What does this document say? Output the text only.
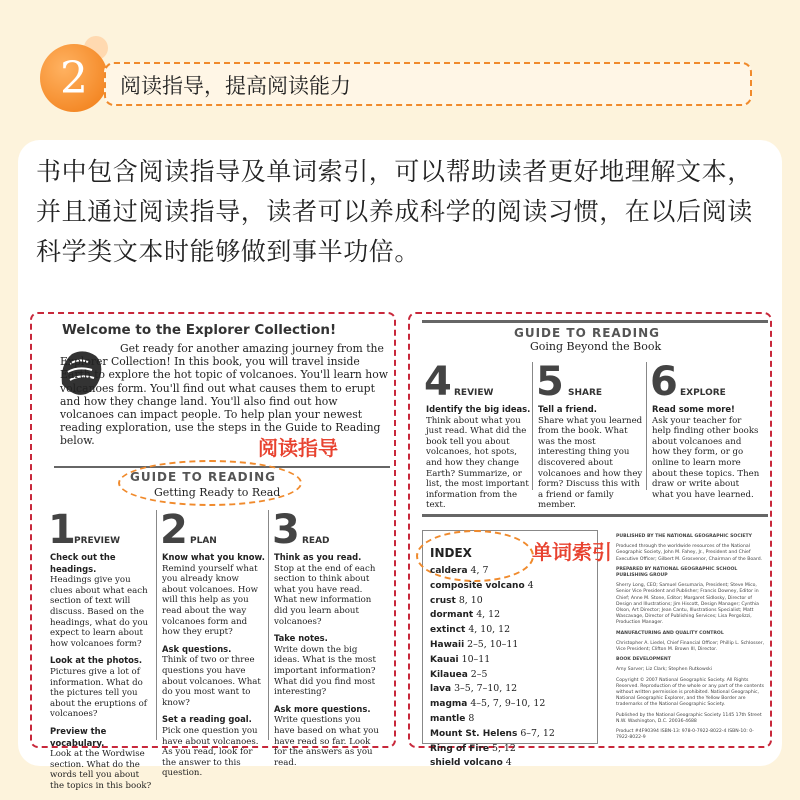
2	阅读指导，提高阅读能力
书中包含阅读指导及单词索引，可以帮助读者更好地理解文本，并且通过阅读指导，读者可以养成科学的阅读习惯，在以后阅读科学类文本时能够做到事半功倍。
Welcome to the Explorer Collection!
Get ready for another amazing journey from the Explorer Collection! In this book, you will travel inside Earth to explore the hot topic of volcanoes. You'll learn how volcanoes form. You'll find out what causes them to erupt and how they change land. You'll also find out how volcanoes can impact people. To help plan your newest reading exploration, use the steps in the Guide to Reading below.
GUIDE TO READING
Getting Ready to Read
阅读指导
1
PREVIEW

Check out the headings.
Headings give you clues about what each section of text will discuss. Based on the headings, what do you expect to learn about how volcanoes form?

Look at the photos.
Pictures give a lot of information. What do the pictures tell you about the eruptions of volcanoes?

Preview the vocabulary.
Look at the Wordwise section. What do the words tell you about the topics in this book?

2 PLAN

Know what you know.
Remind yourself what you already know about volcanoes. How will this help as you read about the way volcanoes form and how they erupt?

Ask questions.
Think of two or three questions you have about volcanoes. What do you most want to know?

Set a reading goal.
Pick one question you have about volcanoes. As you read, look for the answer to this question.

3 READ

Think as you read.
Stop at the end of each section to think about what you have read. What new information did you learn about volcanoes?

Take notes.
Write down the big ideas. What is the most important information? What did you find most interesting?

Ask more questions.
Write questions you have based on what you have read so far. Look for the answers as you read.

GUIDE TO READING
Going Beyond the Book
4 REVIEW

Identify the big ideas.
Think about what you just read. What did the book tell you about volcanoes, hot spots, and how they change Earth? Summarize, or list, the most important information from the text.

5 SHARE

Tell a friend.
Share what you learned from the book. What was the most interesting thing you discovered about volcanoes and how they form? Discuss this with a friend or family member.

6 EXPLORE

Read some more!
Ask your teacher for help finding other books about volcanoes and how they form, or go online to learn more about these topics. Then draw or write about what you have learned.

INDEX	单词索引
caldera 4, 7
composite volcano 4
crust 8, 10
dormant 4, 12
extinct 4, 10, 12
Hawaii 2–5, 10–11
Kauai 10–11
Kilauea 2–5
lava 3–5, 7–10, 12
magma 4–5, 7, 9–10, 12
mantle 8
Mount St. Helens 6–7, 12
Ring of Fire 5, 12
shield volcano 4

PUBLISHED BY THE NATIONAL GEOGRAPHIC SOCIETY

Produced through the worldwide resources of the National Geographic Society, John M. Fahey, Jr., President and Chief Executive Officer; Gilbert M. Grosvenor, Chairman of the Board.

PREPARED BY NATIONAL GEOGRAPHIC SCHOOL PUBLISHING GROUP

Sherry Long, CEO; Samuel Gesumaria, President; Steve Mico, Senior Vice President and Publisher; Francis Downey, Editor in Chief; Anne M. Stone, Editor; Margaret Sidlosky, Director of Design and Illustrations; Jim Hiscott, Design Manager; Cynthia Olson, Art Director; Jean Cantu, Illustrations Specialist; Matt Wascavage, Director of Publishing Services; Lisa Pergolizzi, Production Manager.

MANUFACTURING AND QUALITY CONTROL

Christopher A. Liedel, Chief Financial Officer; Phillip L. Schlosser, Vice President; Clifton M. Brown III, Director.

BOOK DEVELOPMENT

Amy Sarver; Liz Clark; Stephen Rutkowski

Copyright © 2007 National Geographic Society. All Rights Reserved. Reproduction of the whole or any part of the contents without written permission is prohibited. National Geographic, National Geographic Explorer, and the Yellow Border are trademarks of the National Geographic Society.

Published by the National Geographic Society 1145 17th Street N.W. Washington, D.C. 20036-4688

Product #4F90394 ISBN-13: 978-0-7922-8022-4 ISBN-10: 0-7922-8022-9
